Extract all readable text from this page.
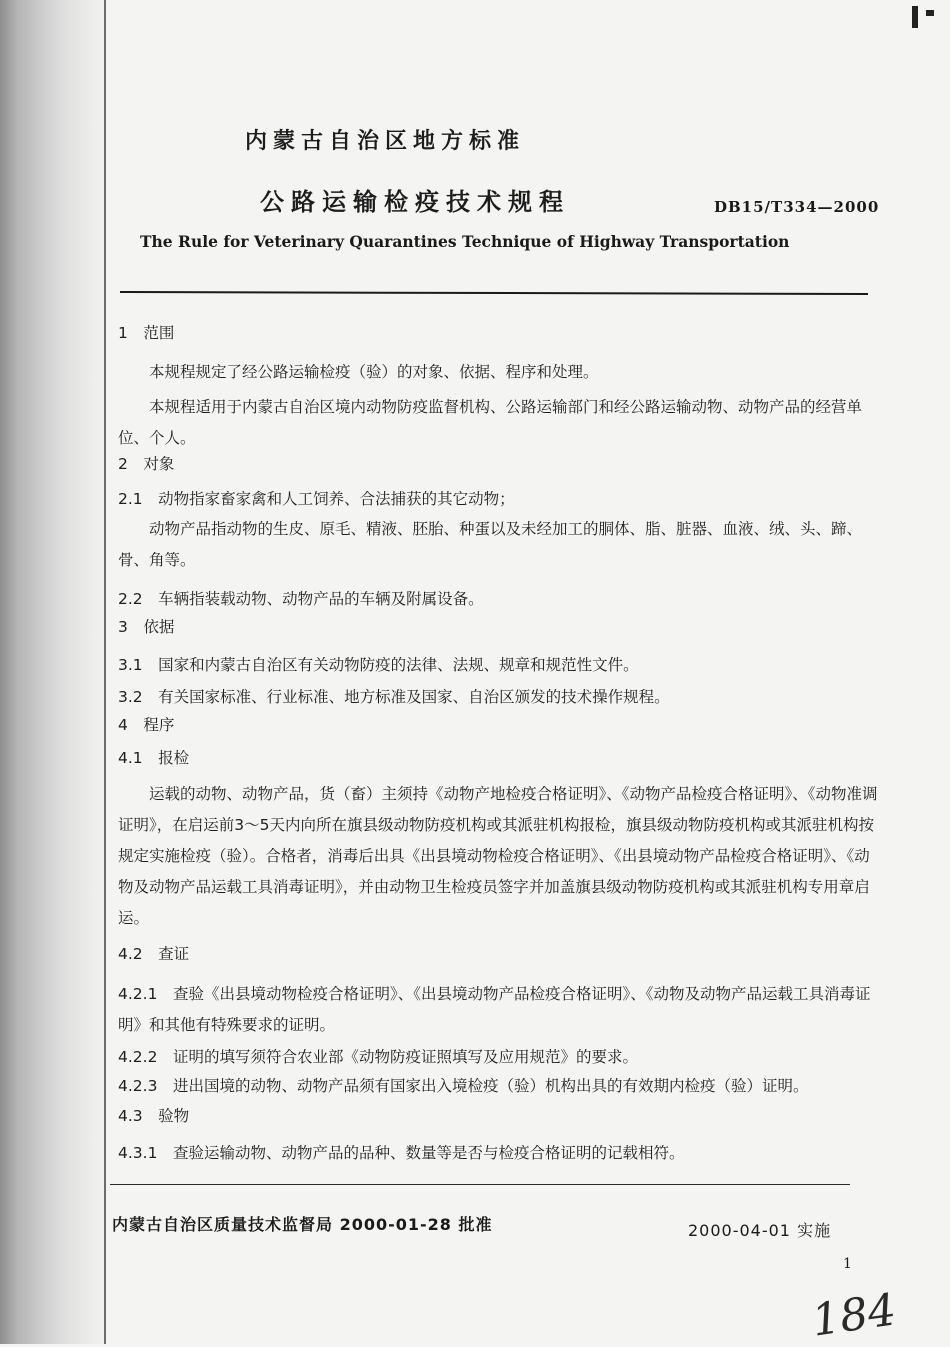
内蒙古自治区地方标准
公路运输检疫技术规程	DB15/T334—2000
The Rule for Veterinary Quarantines Technique of Highway Transportation
1　范围
本规程规定了经公路运输检疫（验）的对象、依据、程序和处理。
本规程适用于内蒙古自治区境内动物防疫监督机构、公路运输部门和经公路运输动物、动物产品的经营单位、个人。
2　对象
2.1　动物指家畜家禽和人工饲养、合法捕获的其它动物；
动物产品指动物的生皮、原毛、精液、胚胎、种蛋以及未经加工的胴体、脂、脏器、血液、绒、头、蹄、骨、角等。
2.2　车辆指装载动物、动物产品的车辆及附属设备。
3　依据
3.1　国家和内蒙古自治区有关动物防疫的法律、法规、规章和规范性文件。
3.2　有关国家标准、行业标准、地方标准及国家、自治区颁发的技术操作规程。
4　程序
4.1　报检
运载的动物、动物产品，货（畜）主须持《动物产地检疫合格证明》、《动物产品检疫合格证明》、《动物准调证明》，在启运前3～5天内向所在旗县级动物防疫机构或其派驻机构报检，旗县级动物防疫机构或其派驻机构按规定实施检疫（验）。合格者，消毒后出具《出县境动物检疫合格证明》、《出县境动物产品检疫合格证明》、《动物及动物产品运载工具消毒证明》，并由动物卫生检疫员签字并加盖旗县级动物防疫机构或其派驻机构专用章启运。
4.2　查证
4.2.1　查验《出县境动物检疫合格证明》、《出县境动物产品检疫合格证明》、《动物及动物产品运载工具消毒证明》和其他有特殊要求的证明。
4.2.2　证明的填写须符合农业部《动物防疫证照填写及应用规范》的要求。
4.2.3　进出国境的动物、动物产品须有国家出入境检疫（验）机构出具的有效期内检疫（验）证明。
4.3　验物
4.3.1　查验运输动物、动物产品的品种、数量等是否与检疫合格证明的记载相符。
内蒙古自治区质量技术监督局 2000-01-28 批准	2000-04-01 实施
1
184
